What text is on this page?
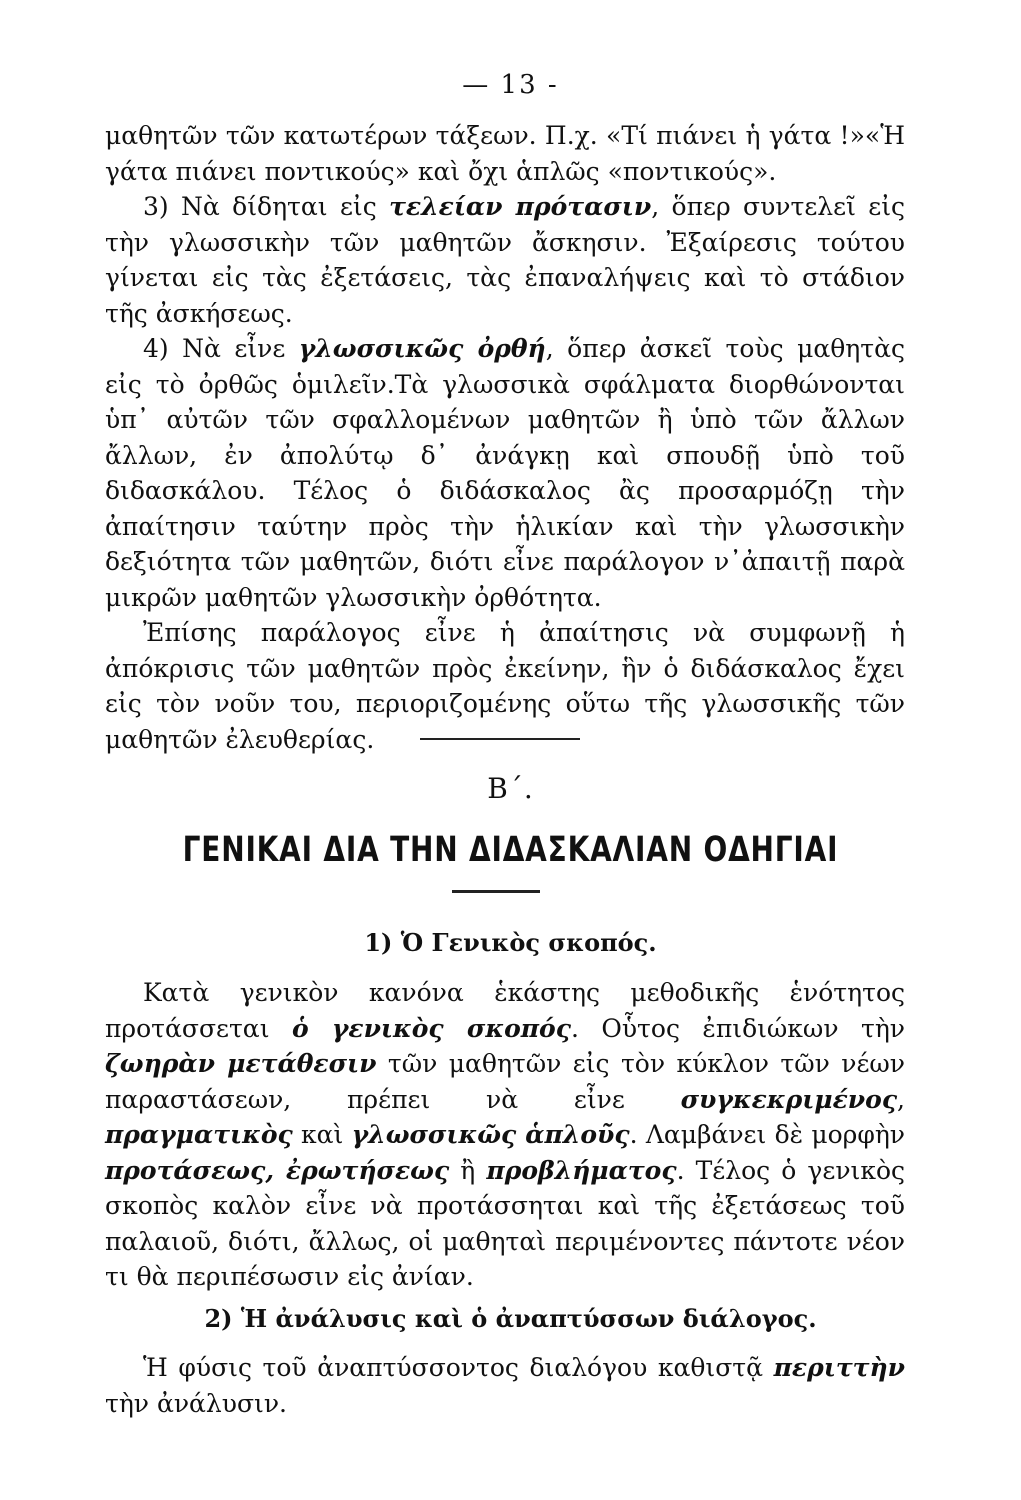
— 13 -

μαθητῶν τῶν κατωτέρων τάξεων. Π.χ. «Τί πιάνει ἡ γάτα !»«Ἡ γάτα πιάνει ποντικούς» καὶ ὄχι ἁπλῶς «ποντικούς».

3) Νὰ δίδηται εἰς τελείαν πρότασιν, ὅπερ συντελεῖ εἰς τὴν γλωσσικὴν τῶν μαθητῶν ἄσκησιν. Ἐξαίρεσις τούτου γίνεται εἰς τὰς ἐξετάσεις, τὰς ἐπαναλήψεις καὶ τὸ στάδιον τῆς ἀσκήσεως.

4) Νὰ εἶνε γλωσσικῶς ὀρθή, ὅπερ ἀσκεῖ τοὺς μαθητὰς εἰς τὸ ὀρθῶς ὁμιλεῖν.Τὰ γλωσσικὰ σφάλματα διορθώνονται ὑπ᾽ αὐτῶν τῶν σφαλλομένων μαθητῶν ἢ ὑπὸ τῶν ἄλλων ἄλλων, ἐν ἀπολύτῳ δ᾽ ἀνάγκῃ καὶ σπουδῇ ὑπὸ τοῦ διδασκάλου. Τέλος ὁ διδάσκαλος ἂς προσαρμόζῃ τὴν ἀπαίτησιν ταύτην πρὸς τὴν ἡλικίαν καὶ τὴν γλωσσικὴν δεξιότητα τῶν μαθητῶν, διότι εἶνε παράλογον ν᾽ἀπαιτῇ παρὰ μικρῶν μαθητῶν γλωσσικὴν ὀρθότητα.

Ἐπίσης παράλογος εἶνε ἡ ἀπαίτησις νὰ συμφωνῇ ἡ ἀπόκρισις τῶν μαθητῶν πρὸς ἐκείνην, ἣν ὁ διδάσκαλος ἔχει εἰς τὸν νοῦν του, περιοριζομένης οὕτω τῆς γλωσσικῆς τῶν μαθητῶν ἐλευθερίας.

Β΄.
ΓΕΝΙΚΑΙ ΔΙΑ ΤΗΝ ΔΙΔΑΣΚΑΛΙΑΝ ΟΔΗΓΙΑΙ
1) Ὁ Γενικὸς σκοπός.

Κατὰ γενικὸν κανόνα ἑκάστης μεθοδικῆς ἑνότητος προτάσσεται ὁ γενικὸς σκοπός. Οὗτος ἐπιδιώκων τὴν ζωηρὰν μετάθεσιν τῶν μαθητῶν εἰς τὸν κύκλον τῶν νέων παραστάσεων, πρέπει νὰ εἶνε συγκεκριμένος, πραγματικὸς καὶ γλωσσικῶς ἁπλοῦς. Λαμβάνει δὲ μορφὴν προτάσεως, ἐρωτήσεως ἢ προβλήματος. Τέλος ὁ γενικὸς σκοπὸς καλὸν εἶνε νὰ προτάσσηται καὶ τῆς ἐξετάσεως τοῦ παλαιοῦ, διότι, ἄλλως, οἱ μαθηταὶ περιμένοντες πάντοτε νέον τι θὰ περιπέσωσιν εἰς ἀνίαν.

2) Ἡ ἀνάλυσις καὶ ὁ ἀναπτύσσων διάλογος.

Ἡ φύσις τοῦ ἀναπτύσσοντος διαλόγου καθιστᾷ περιττὴν τὴν ἀνάλυσιν.
